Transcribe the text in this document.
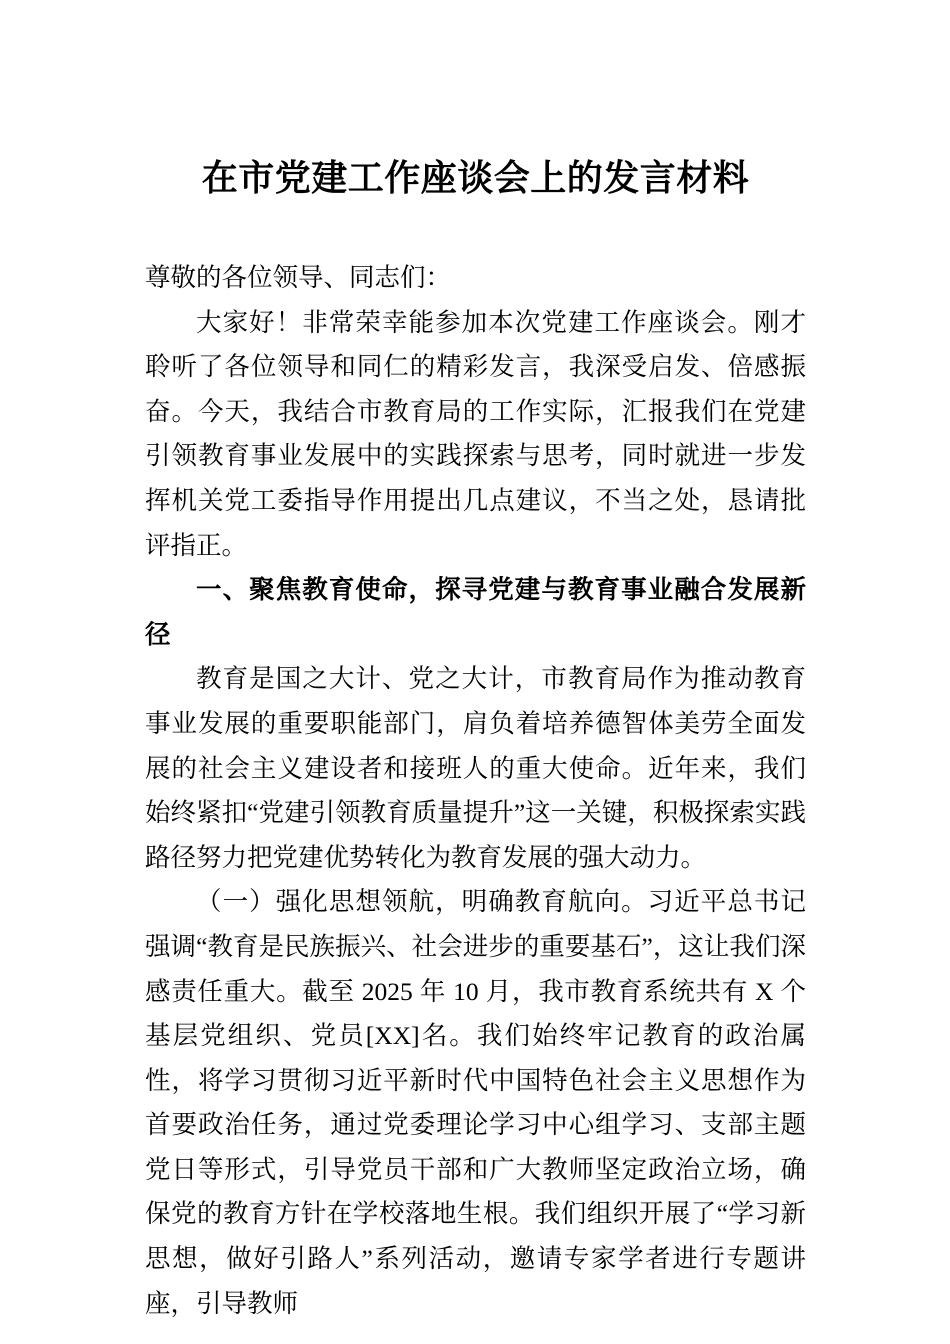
在市党建工作座谈会上的发言材料

尊敬的各位领导、同志们：

大家好！非常荣幸能参加本次党建工作座谈会。刚才聆听了各位领导和同仁的精彩发言，我深受启发、倍感振奋。今天，我结合市教育局的工作实际，汇报我们在党建引领教育事业发展中的实践探索与思考，同时就进一步发挥机关党工委指导作用提出几点建议，不当之处，恳请批评指正。

一、聚焦教育使命，探寻党建与教育事业融合发展新径

教育是国之大计、党之大计，市教育局作为推动教育事业发展的重要职能部门，肩负着培养德智体美劳全面发展的社会主义建设者和接班人的重大使命。近年来，我们始终紧扣“党建引领教育质量提升”这一关键，积极探索实践路径努力把党建优势转化为教育发展的强大动力。

（一）强化思想领航，明确教育航向。习近平总书记强调“教育是民族振兴、社会进步的重要基石”，这让我们深感责任重大。截至 2025 年 10 月，我市教育系统共有 X 个基层党组织、党员[XX]名。我们始终牢记教育的政治属性，将学习贯彻习近平新时代中国特色社会主义思想作为首要政治任务，通过党委理论学习中心组学习、支部主题党日等形式，引导党员干部和广大教师坚定政治立场，确保党的教育方针在学校落地生根。我们组织开展了“学习新思想，做好引路人”系列活动，邀请专家学者进行专题讲座，引导教师
